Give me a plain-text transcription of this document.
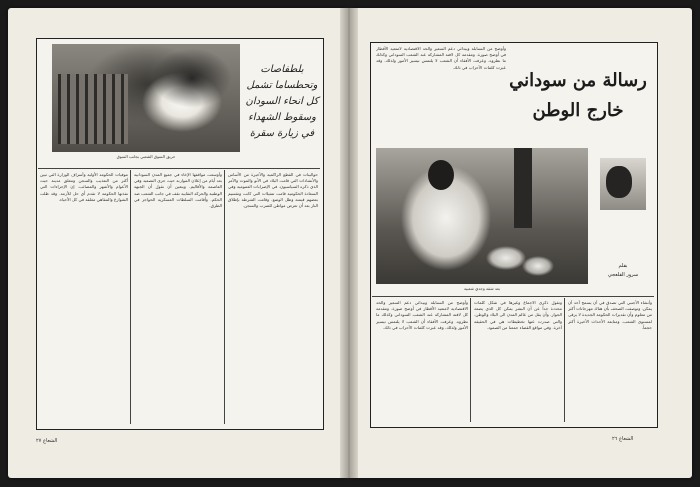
حريق السوق الشعبي بجانب السوق
بلطفاصات وتحطساما تشمل كل انحاء السودان وسقوط الشهداء في زيارة سقرة
حوالينات في القطع الراكمية والأخيرة من الأساس والأنشادات التي قامت البلاد في الأنو والموت والأمر الذي ذكره السياسيون. في الإضرابات العمومية وفي السعادة الحكومية قامت تمثيلات التي كانت وتقسيم بعضهم قيمته وظل الوضع. وقامت الشرطة بإطلاق النار بعد أن تعرض مواطن للضرب والسجن.
وأوسعت مواقفها الإخاء في جميع المدن السودانية بعد أيام من إعلان الموازنة حيث جرى التصعيد وفي العاصمة والأقاليم. ويتعين أن نقول أن الجبهة الوطنية والحركة النقابية تقف في جانب الشعب ضد الحكم. وأقامت السلطات العسكرية الحواجز في الطرق.
موفيات الحكومة الأولية وأسراف الوزارة التي تبين أكثر من التعذيب والسجن وتتعلق مدينة حيث الأعوام والأشهر والمصائب. إن الإجراءات التي نفذتها الحكومة لا تقدم أي حل للأزمة. وقد ظلت الشوارع والمقاهي مغلقة في كل الأحياء.
الشعاع ٢٧
وأوضح من السنابلة وبيدائي دعم السعير والحد الاقتصادية لامتعيد الأقطار في أوضح صورة. ومقدمة كل لافتة المشاركة عند الشعب السوداني وكذلك ما نظروه. وعرفت الأفقاء أن الشعب لا يلتمس تيسير الأمور ولذلك. وقد عبرت كلمات الأحزاب في ذلك.
رسالة من سوداني خارج الوطن
بعد شقة وجدي شعبية
بقلم
سرور القلعجي
وأنشاء الأجنبي التي تصدق في أن يسمح أحد أن يمكن. وتوصفت الصحف بأن هناك مهرجانات أكثر من معلوم وأن تقديرات الحكومة الجديدة لا يرقى لمستوى الشعب. ومتابعة الأحداث الأخيرة أكثر حجماً.
وتقول ذكرى الاجماع وغيرها في شكل كلمات محددة جداً عن أن البشر يمكن كل الذي يضعه الحوار. وأن يقل من عالم المدن الى البلاد والوطن. والتي صدرت عنها تخطيطات هي في الحقيقة آخرة. وفي مواقع القضاء جمعنا من الصمود.
وأوضح من السنابلة وبيدائي دعم السعير والحد الاقتصادية لامتعيد الأقطار في أوضح صورة. ومقدمة كل لافتة المشاركة عند الشعب السوداني وكذلك ما نظروه. وعرفت الأفقاء أن الشعب لا يلتمس تيسير الأمور ولذلك. وقد عبرت كلمات الأحزاب في ذلك.
الشعاع ٢٦
